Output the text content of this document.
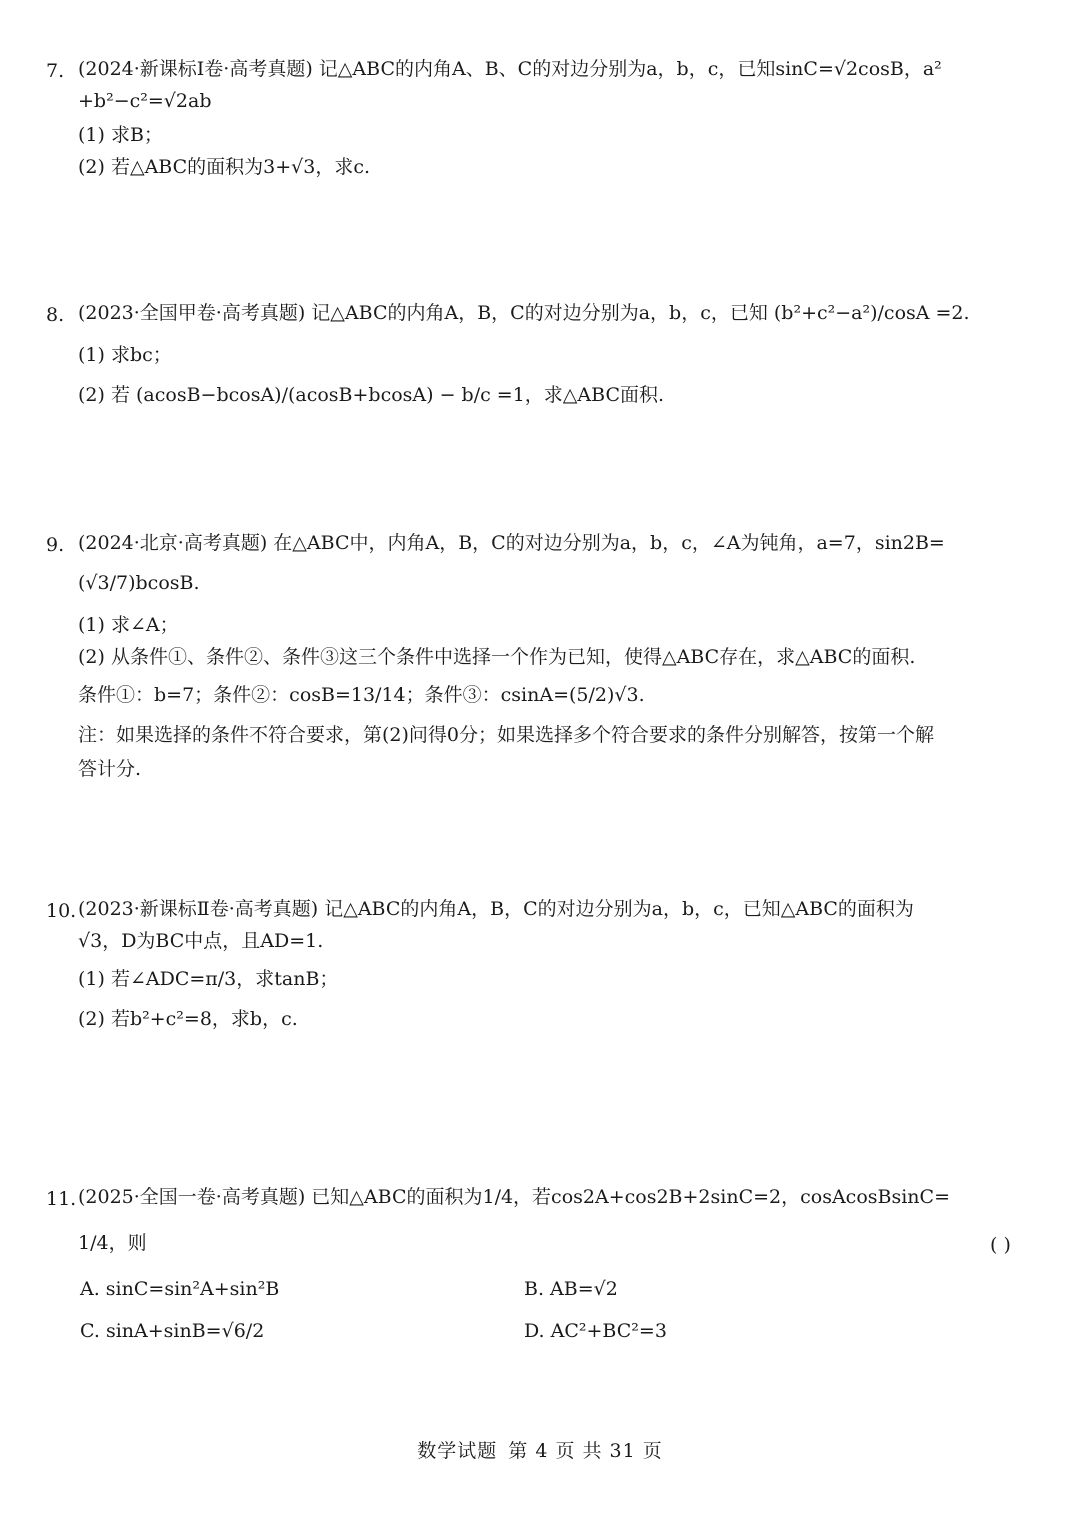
7. (2024·新课标Ⅰ卷·高考真题) 记△ABC的内角A、B、C的对边分别为a，b，c，已知sinC=√2cosB，a²
+b²−c²=√2ab
(1) 求B；
(2) 若△ABC的面积为3+√3，求c.
8. (2023·全国甲卷·高考真题) 记△ABC的内角A，B，C的对边分别为a，b，c，已知 (b²+c²−a²)/cosA =2.
(1) 求bc；
(2) 若 (acosB−bcosA)/(acosB+bcosA) − b/c =1，求△ABC面积.
9. (2024·北京·高考真题) 在△ABC中，内角A，B，C的对边分别为a，b，c，∠A为钝角，a=7，sin2B=
(√3/7)bcosB.
(1) 求∠A；
(2) 从条件①、条件②、条件③这三个条件中选择一个作为已知，使得△ABC存在，求△ABC的面积.
条件①：b=7；条件②：cosB=13/14；条件③：csinA=(5/2)√3.
注：如果选择的条件不符合要求，第(2)问得0分；如果选择多个符合要求的条件分别解答，按第一个解
答计分.
10. (2023·新课标Ⅱ卷·高考真题) 记△ABC的内角A，B，C的对边分别为a，b，c，已知△ABC的面积为
√3，D为BC中点，且AD=1.
(1) 若∠ADC=π/3，求tanB；
(2) 若b²+c²=8，求b，c.
11. (2025·全国一卷·高考真题) 已知△ABC的面积为1/4，若cos2A+cos2B+2sinC=2，cosAcosBsinC=
1/4，则	( )
A. sinC=sin²A+sin²B	B. AB=√2
C. sinA+sinB=√6/2	D. AC²+BC²=3
数学试题 第 4 页 共 31 页
